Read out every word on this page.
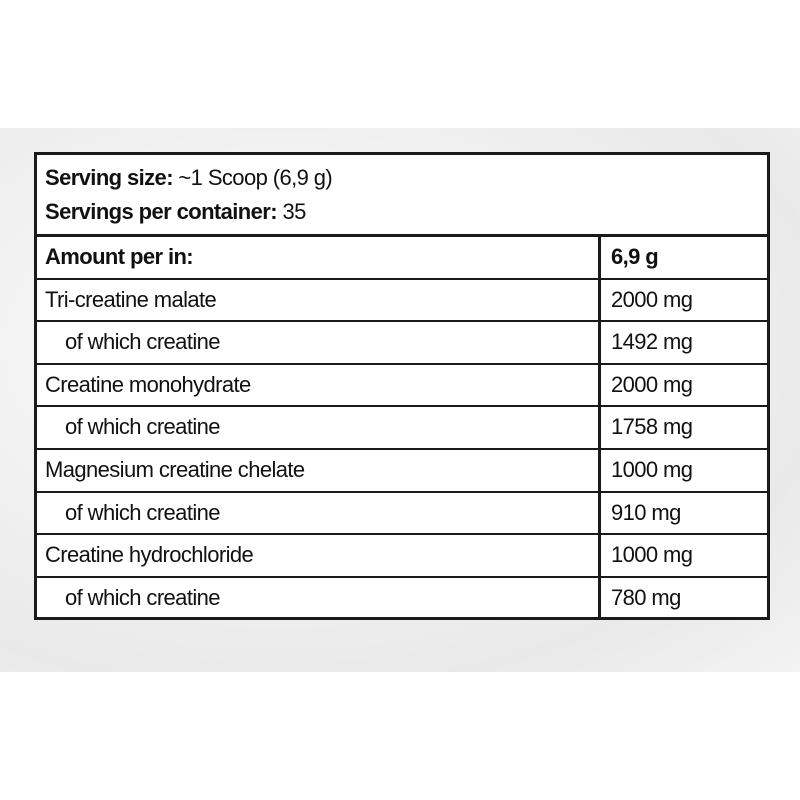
Serving size: ~1 Scoop (6,9 g)
Servings per container: 35
Amount per in:	6,9 g
Tri-creatine malate	2000 mg
of which creatine	1492 mg
Creatine monohydrate	2000 mg
of which creatine	1758 mg
Magnesium creatine chelate	1000 mg
of which creatine	910 mg
Creatine hydrochloride	1000 mg
of which creatine	780 mg
